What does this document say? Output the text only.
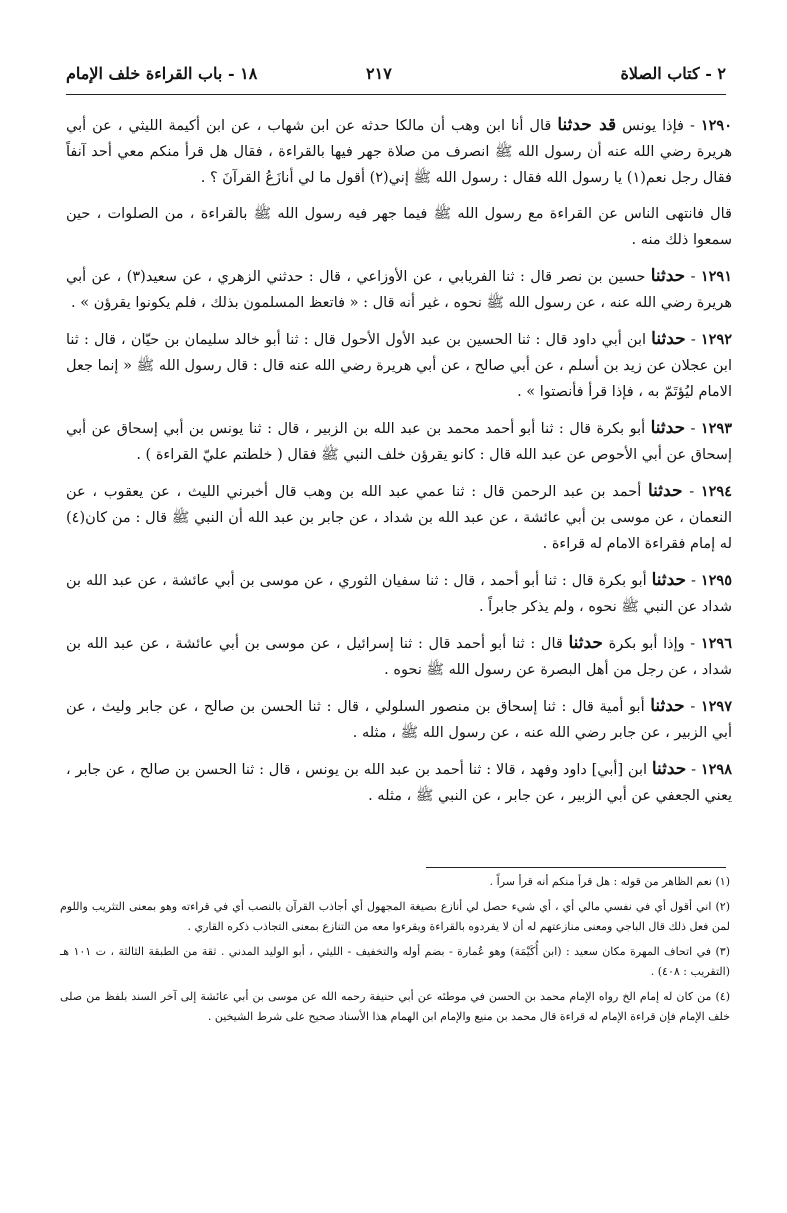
١٨ - باب القراءة خلف الإمام	٢١٧	٢ - كتاب الصلاة

١٢٩٠ - فإذا يونس قد حدثنا قال أنا ابن وهب أن مالكا حدثه عن ابن شهاب ، عن ابن أكيمة الليثي ، عن أبي هريرة رضي الله عنه أن رسول الله ﷺ انصرف من صلاة جهر فيها بالقراءة ، فقال هل قرأ منكم معي أحد آنفاً فقال رجل نعم(١) يا رسول الله فقال : رسول الله ﷺ إني(٢) أقول ما لي أنازَعُ القرآنَ ؟ .

قال فانتهى الناس عن القراءة مع رسول الله ﷺ فيما جهر فيه رسول الله ﷺ بالقراءة ، من الصلوات ، حين سمعوا ذلك منه .

١٢٩١ - حدثنا حسين بن نصر قال : ثنا الفريابي ، عن الأوزاعي ، قال : حدثني الزهري ، عن سعيد(٣) ، عن أبي هريرة رضي الله عنه ، عن رسول الله ﷺ نحوه ، غير أنه قال : « فاتعظ المسلمون بذلك ، فلم يكونوا يقرؤن » .

١٢٩٢ - حدثنا ابن أبي داود قال : ثنا الحسين بن عبد الأول الأحول قال : ثنا أبو خالد سليمان بن حيّان ، قال : ثنا ابن عجلان عن زيد بن أسلم ، عن أبي صالح ، عن أبي هريرة رضي الله عنه قال : قال رسول الله ﷺ « إنما جعل الامام ليُؤتَمّ به ، فإذا قرأ فأنصتوا » .

١٢٩٣ - حدثنا أبو بكرة قال : ثنا أبو أحمد محمد بن عبد الله بن الزبير ، قال : ثنا يونس بن أبي إسحاق عن أبي إسحاق عن أبي الأحوص عن عبد الله قال : كانو يقرؤن خلف النبي ﷺ فقال ( خلطتم عليّ القراءة ) .

١٢٩٤ - حدثنا أحمد بن عبد الرحمن قال : ثنا عمي عبد الله بن وهب قال أخبرني الليث ، عن يعقوب ، عن النعمان ، عن موسى بن أبي عائشة ، عن عبد الله بن شداد ، عن جابر بن عبد الله أن النبي ﷺ قال : من كان(٤) له إمام فقراءة الامام له قراءة .

١٢٩٥ - حدثنا أبو بكرة قال : ثنا أبو أحمد ، قال : ثنا سفيان الثوري ، عن موسى بن أبي عائشة ، عن عبد الله بن شداد عن النبي ﷺ نحوه ، ولم يذكر جابراً .

١٢٩٦ - وإذا أبو بكرة حدثنا قال : ثنا أبو أحمد قال : ثنا إسرائيل ، عن موسى بن أبي عائشة ، عن عبد الله بن شداد ، عن رجل من أهل البصرة عن رسول الله ﷺ نحوه .

١٢٩٧ - حدثنا أبو أمية قال : ثنا إسحاق بن منصور السلولي ، قال : ثنا الحسن بن صالح ، عن جابر وليث ، عن أبي الزبير ، عن جابر رضي الله عنه ، عن رسول الله ﷺ ، مثله .

١٢٩٨ - حدثنا ابن [أبي] داود وفهد ، قالا : ثنا أحمد بن عبد الله بن يونس ، قال : ثنا الحسن بن صالح ، عن جابر ، يعني الجعفي عن أبي الزبير ، عن جابر ، عن النبي ﷺ ، مثله .

(١) نعم الظاهر من قوله : هل قرأ منكم أنه قرأ سراً .

(٢) اني أقول أي في نفسي مالي أي ، أي شيء حصل لي أنازع بصيغة المجهول أي أجاذب القرآن بالنصب أي في قراءته وهو بمعنى التثريب واللوم لمن فعل ذلك قال الباجي ومعنى منازعتهم له أن لا يفردوه بالقراءة ويقرءوا معه من التنازع بمعنى التجاذب ذكره القاري .

(٣) في اتحاف المهرة مكان سعيد : (ابن أُكَيْمَة) وهو عُمارة - بضم أوله والتخفيف - الليثي ، أبو الوليد المدني . ثقة من الطبقة الثالثة ، ت ١٠١ هـ (التقريب : ٤٠٨) .

(٤) من كان له إمام الخ رواه الإمام محمد بن الحسن في موطئه عن أبي حنيفة رحمه الله عن موسى بن أبي عائشة إلى آخر السند بلفظ من صلى خلف الإمام فإن قراءة الإمام له قراءة قال محمد بن منيع والإمام ابن الهمام هذا الأسناد صحيح على شرط الشيخين .
